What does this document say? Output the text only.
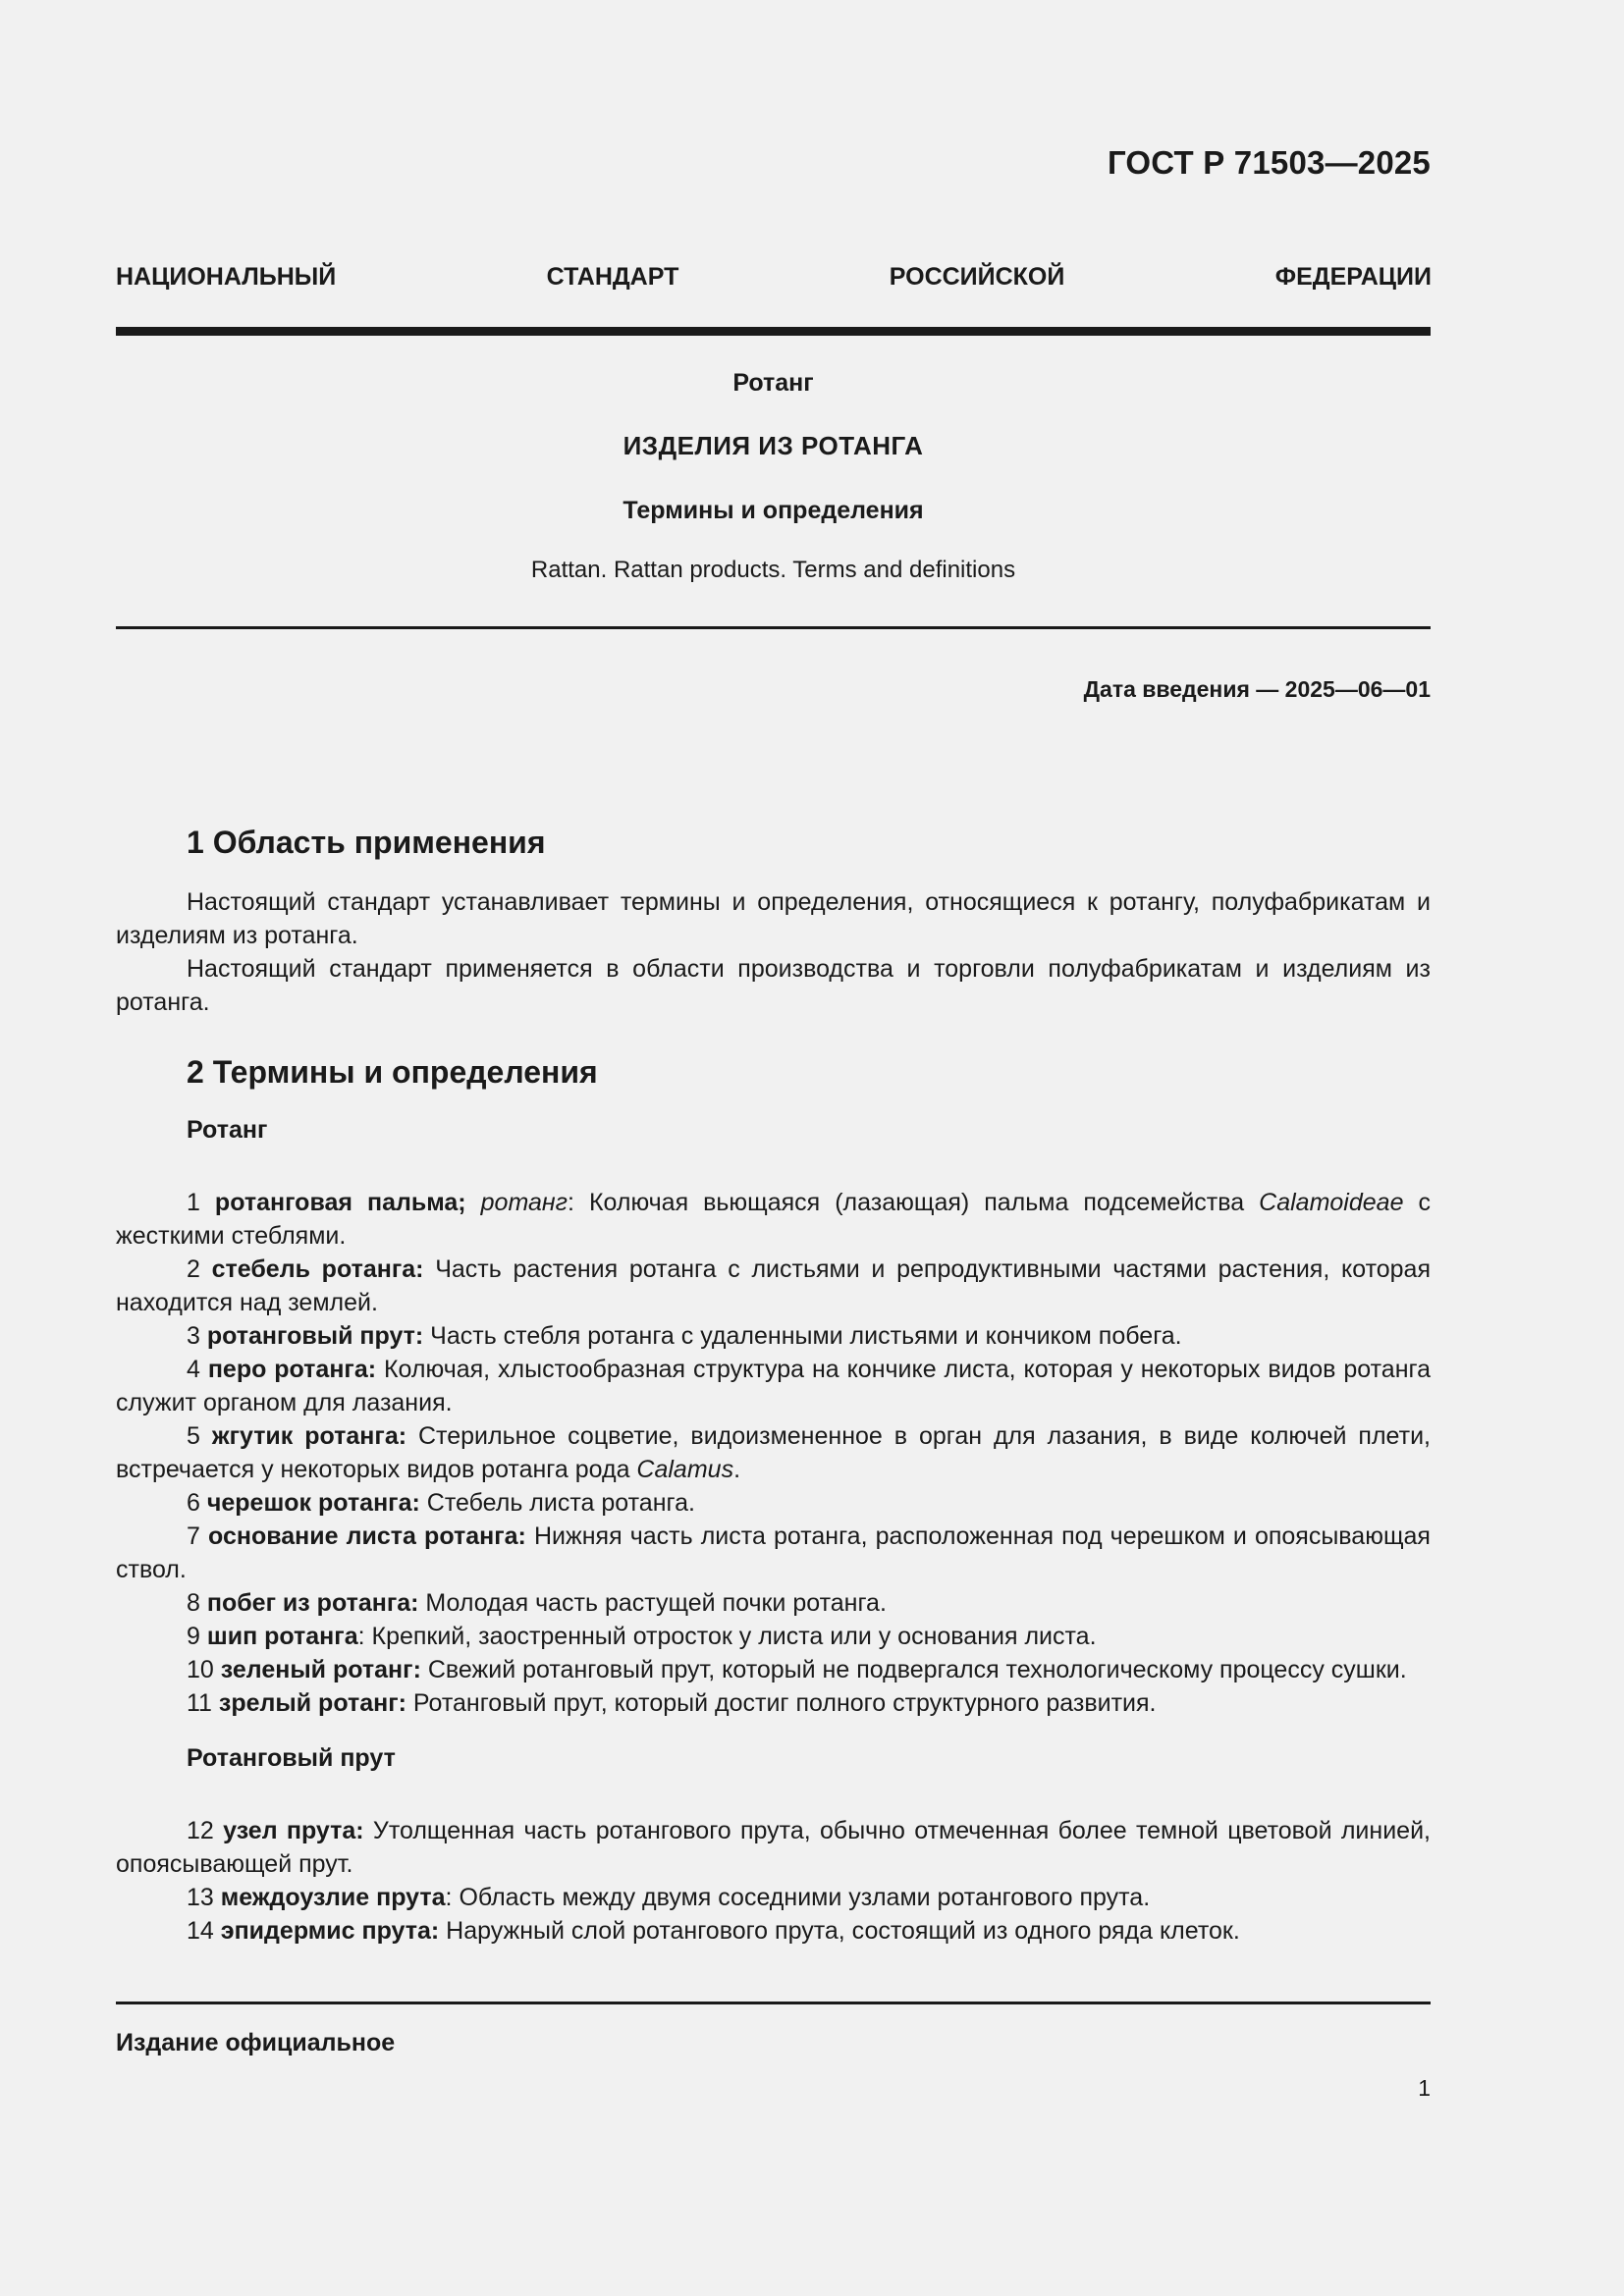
ГОСТ Р 71503—2025
НАЦИОНАЛЬНЫЙ СТАНДАРТ РОССИЙСКОЙ ФЕДЕРАЦИИ
Ротанг
ИЗДЕЛИЯ ИЗ РОТАНГА
Термины и определения
Rattan. Rattan products. Terms and definitions
Дата введения — 2025—06—01
1 Область применения

Настоящий стандарт устанавливает термины и определения, относящиеся к ротангу, полуфабрикатам и изделиям из ротанга.

Настоящий стандарт применяется в области производства и торговли полуфабрикатам и изделиям из ротанга.

2 Термины и определения

Ротанг

1 ротанговая пальма; ротанг: Колючая вьющаяся (лазающая) пальма подсемейства Calamoideae с жесткими стеблями.

2 стебель ротанга: Часть растения ротанга с листьями и репродуктивными частями растения, которая находится над землей.

3 ротанговый прут: Часть стебля ротанга с удаленными листьями и кончиком побега.

4 перо ротанга: Колючая, хлыстообразная структура на кончике листа, которая у некоторых видов ротанга служит органом для лазания.

5 жгутик ротанга: Стерильное соцветие, видоизмененное в орган для лазания, в виде колючей плети, встречается у некоторых видов ротанга рода Calamus.

6 черешок ротанга: Стебель листа ротанга.

7 основание листа ротанга: Нижняя часть листа ротанга, расположенная под черешком и опоясывающая ствол.

8 побег из ротанга: Молодая часть растущей почки ротанга.

9 шип ротанга: Крепкий, заостренный отросток у листа или у основания листа.

10 зеленый ротанг: Свежий ротанговый прут, который не подвергался технологическому процессу сушки.

11 зрелый ротанг: Ротанговый прут, который достиг полного структурного развития.

Ротанговый прут

12 узел прута: Утолщенная часть ротангового прута, обычно отмеченная более темной цветовой линией, опоясывающей прут.

13 междоузлие прута: Область между двумя соседними узлами ротангового прута.

14 эпидермис прута: Наружный слой ротангового прута, состоящий из одного ряда клеток.

Издание официальное
1
